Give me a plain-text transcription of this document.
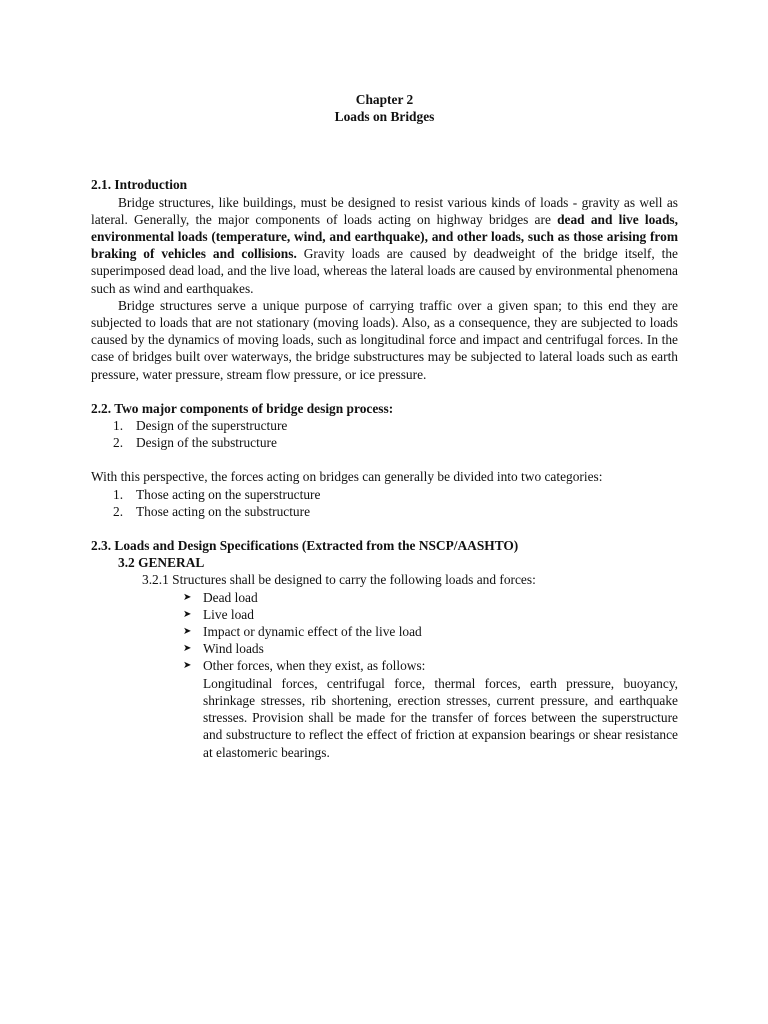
Chapter 2

Loads on Bridges

2.1. Introduction

Bridge structures, like buildings, must be designed to resist various kinds of loads - gravity as well as lateral. Generally, the major components of loads acting on highway bridges are dead and live loads, environmental loads (temperature, wind, and earthquake), and other loads, such as those arising from braking of vehicles and collisions. Gravity loads are caused by deadweight of the bridge itself, the superimposed dead load, and the live load, whereas the lateral loads are caused by environmental phenomena such as wind and earthquakes.

Bridge structures serve a unique purpose of carrying traffic over a given span; to this end they are subjected to loads that are not stationary (moving loads). Also, as a consequence, they are subjected to loads caused by the dynamics of moving loads, such as longitudinal force and impact and centrifugal forces. In the case of bridges built over waterways, the bridge substructures may be subjected to lateral loads such as earth pressure, water pressure, stream flow pressure, or ice pressure.

2.2. Two major components of bridge design process:

1. Design of the superstructure
2. Design of the substructure

With this perspective, the forces acting on bridges can generally be divided into two categories:

1. Those acting on the superstructure
2. Those acting on the substructure

2.3. Loads and Design Specifications (Extracted from the NSCP/AASHTO)

3.2 GENERAL

3.2.1 Structures shall be designed to carry the following loads and forces:

➤ Dead load
➤ Live load
➤ Impact or dynamic effect of the live load
➤ Wind loads
➤ Other forces, when they exist, as follows:

Longitudinal forces, centrifugal force, thermal forces, earth pressure, buoyancy, shrinkage stresses, rib shortening, erection stresses, current pressure, and earthquake stresses. Provision shall be made for the transfer of forces between the superstructure and substructure to reflect the effect of friction at expansion bearings or shear resistance at elastomeric bearings.
